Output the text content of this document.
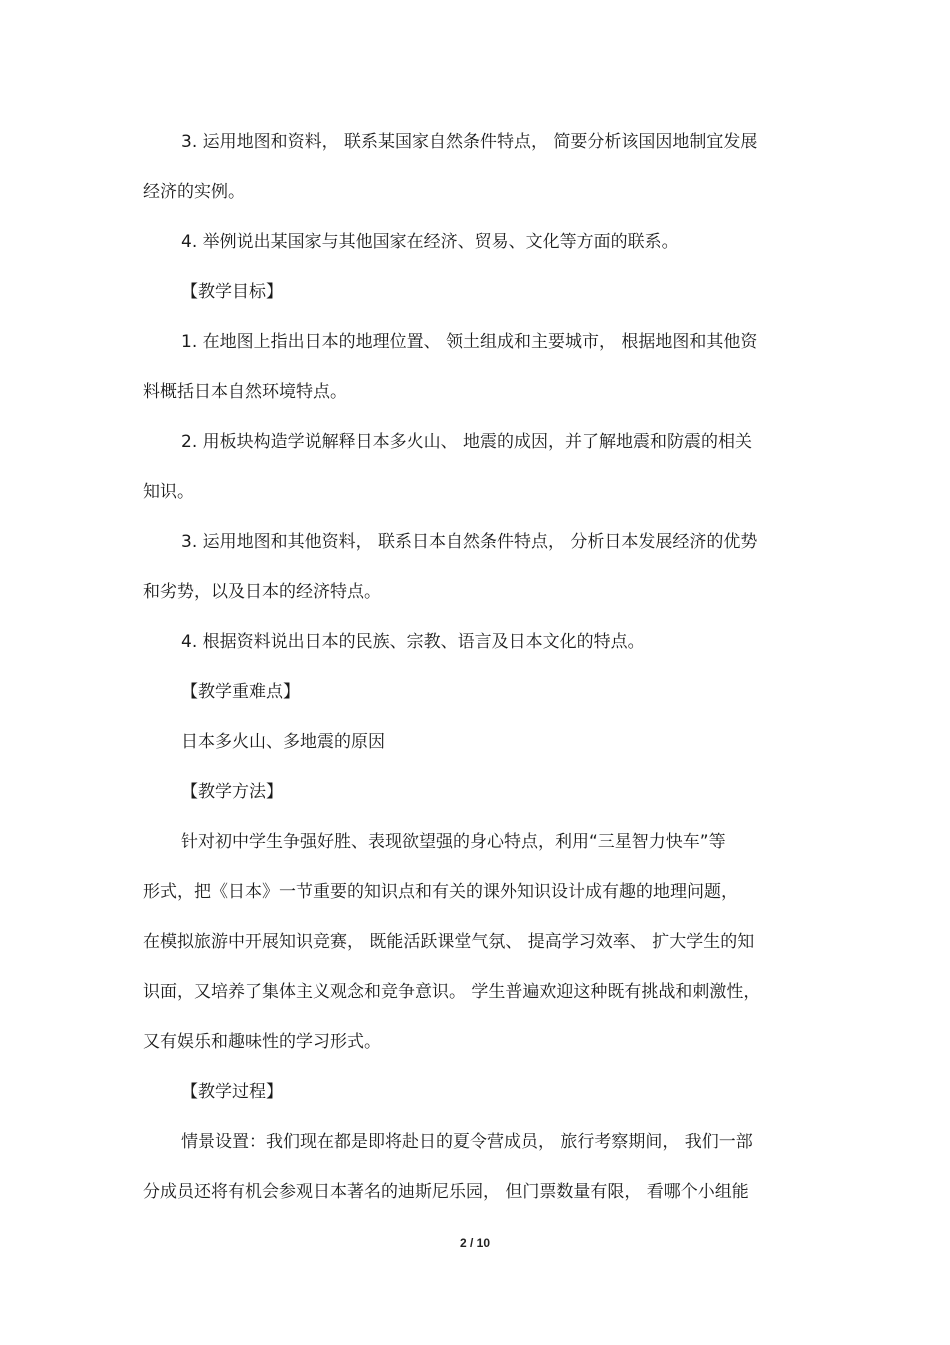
3. 运用地图和资料， 联系某国家自然条件特点， 简要分析该国因地制宜发展
经济的实例。
4. 举例说出某国家与其他国家在经济、贸易、文化等方面的联系。
【教学目标】
1. 在地图上指出日本的地理位置、 领土组成和主要城市， 根据地图和其他资
料概括日本自然环境特点。
2. 用板块构造学说解释日本多火山、 地震的成因，并了解地震和防震的相关
知识。
3. 运用地图和其他资料， 联系日本自然条件特点， 分析日本发展经济的优势
和劣势，以及日本的经济特点。
4. 根据资料说出日本的民族、宗教、语言及日本文化的特点。
【教学重难点】
日本多火山、多地震的原因
【教学方法】
针对初中学生争强好胜、表现欲望强的身心特点，利用“三星智力快车”等
形式，把《日本》一节重要的知识点和有关的课外知识设计成有趣的地理问题，
在模拟旅游中开展知识竞赛， 既能活跃课堂气氛、 提高学习效率、 扩大学生的知
识面，又培养了集体主义观念和竞争意识。 学生普遍欢迎这种既有挑战和刺激性，
又有娱乐和趣味性的学习形式。
【教学过程】
情景设置：我们现在都是即将赴日的夏令营成员， 旅行考察期间， 我们一部
分成员还将有机会参观日本著名的迪斯尼乐园， 但门票数量有限， 看哪个小组能
2 / 10
